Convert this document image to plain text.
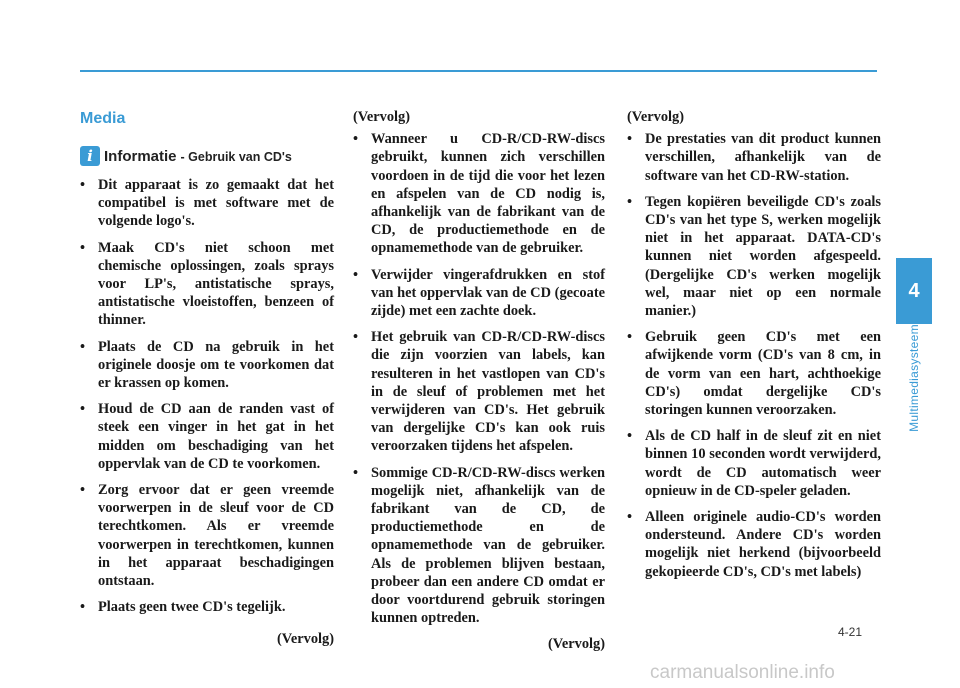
Media
i Informatie - Gebruik van CD's
• Dit apparaat is zo gemaakt dat het compatibel is met software met de volgende logo's.
• Maak CD's niet schoon met chemische oplossingen, zoals sprays voor LP's, antistatische sprays, antistatische vloeistoffen, benzeen of thinner.
• Plaats de CD na gebruik in het originele doosje om te voorkomen dat er krassen op komen.
• Houd de CD aan de randen vast of steek een vinger in het gat in het midden om beschadiging van het oppervlak van de CD te voorkomen.
• Zorg ervoor dat er geen vreemde voorwerpen in de sleuf voor de CD terechtkomen. Als er vreemde voorwerpen in terechtkomen, kunnen in het apparaat beschadigingen ontstaan.
• Plaats geen twee CD's tegelijk.
(Vervolg)
(Vervolg)
• Wanneer u CD-R/CD-RW-discs gebruikt, kunnen zich verschillen voordoen in de tijd die voor het lezen en afspelen van de CD nodig is, afhankelijk van de fabrikant van de CD, de productiemethode en de opnamemethode van de gebruiker.
• Verwijder vingerafdrukken en stof van het oppervlak van de CD (gecoate zijde) met een zachte doek.
• Het gebruik van CD-R/CD-RW-discs die zijn voorzien van labels, kan resulteren in het vastlopen van CD's in de sleuf of problemen met het verwijderen van CD's. Het gebruik van dergelijke CD's kan ook ruis veroorzaken tijdens het afspelen.
• Sommige CD-R/CD-RW-discs werken mogelijk niet, afhankelijk van de fabrikant van de CD, de productiemethode en de opnamemethode van de gebruiker. Als de problemen blijven bestaan, probeer dan een andere CD omdat er door voortdurend gebruik storingen kunnen optreden.
(Vervolg)
(Vervolg)
• De prestaties van dit product kunnen verschillen, afhankelijk van de software van het CD-RW-station.
• Tegen kopiëren beveiligde CD's zoals CD's van het type S, werken mogelijk niet in het apparaat. DATA-CD's kunnen niet worden afgespeeld. (Dergelijke CD's werken mogelijk wel, maar niet op een normale manier.)
• Gebruik geen CD's met een afwijkende vorm (CD's van 8 cm, in de vorm van een hart, achthoekige CD's) omdat dergelijke CD's storingen kunnen veroorzaken.
• Als de CD half in de sleuf zit en niet binnen 10 seconden wordt verwijderd, wordt de CD automatisch weer opnieuw in de CD-speler geladen.
• Alleen originele audio-CD's worden ondersteund. Andere CD's worden mogelijk niet herkend (bijvoorbeeld gekopieerde CD's, CD's met labels)
4
Multimediasysteem
4-21
carmanualsonline.info
